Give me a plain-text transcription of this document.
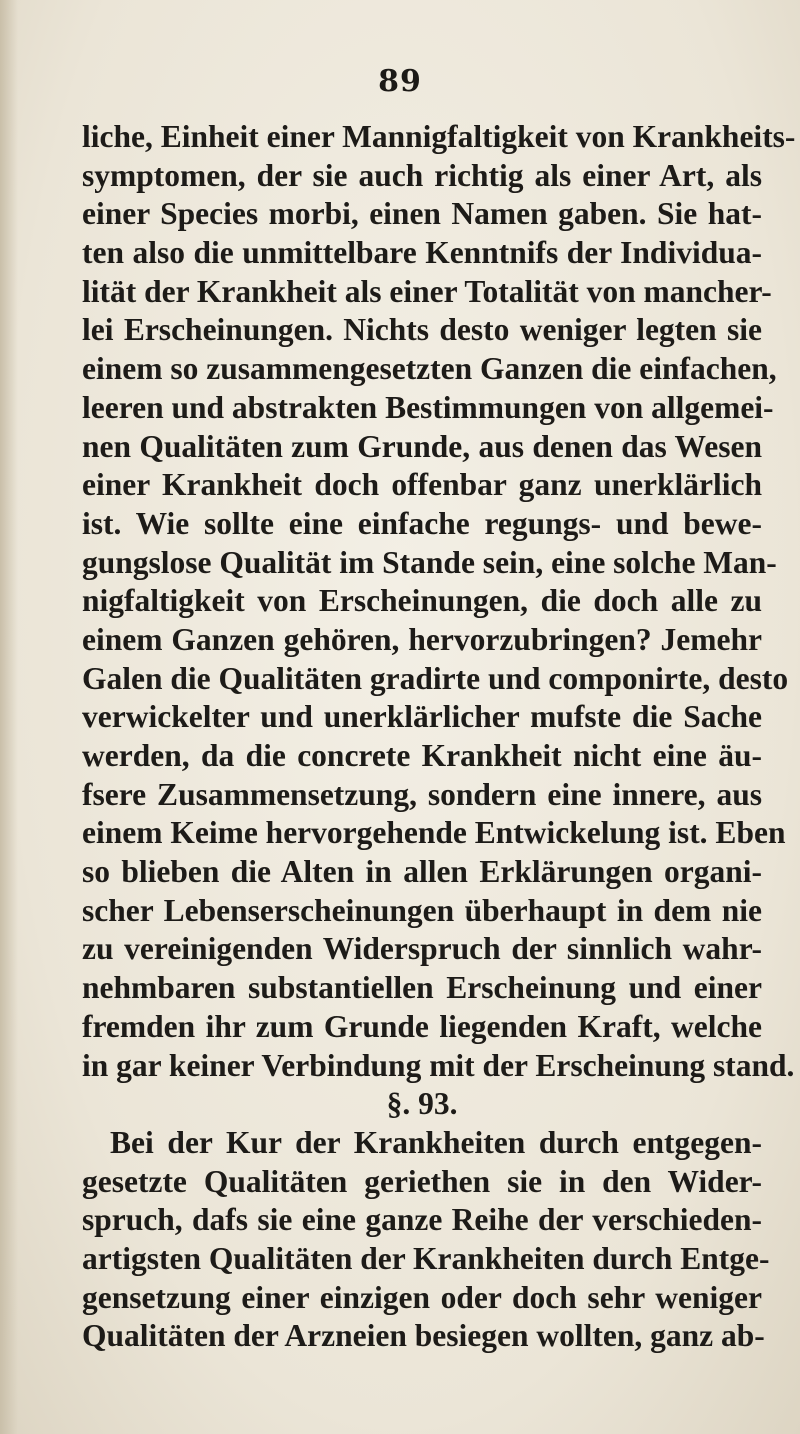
89
liche, Einheit einer Mannigfaltigkeit von Krankheits-
symptomen, der sie auch richtig als einer Art, als
einer Species morbi, einen Namen gaben. Sie hat-
ten also die unmittelbare Kenntnifs der Individua-
lität der Krankheit als einer Totalität von mancher-
lei Erscheinungen. Nichts desto weniger legten sie
einem so zusammengesetzten Ganzen die einfachen,
leeren und abstrakten Bestimmungen von allgemei-
nen Qualitäten zum Grunde, aus denen das Wesen
einer Krankheit doch offenbar ganz unerklärlich
ist. Wie sollte eine einfache regungs- und bewe-
gungslose Qualität im Stande sein, eine solche Man-
nigfaltigkeit von Erscheinungen, die doch alle zu
einem Ganzen gehören, hervorzubringen? Jemehr
Galen die Qualitäten gradirte und componirte, desto
verwickelter und unerklärlicher mufste die Sache
werden, da die concrete Krankheit nicht eine äu-
fsere Zusammensetzung, sondern eine innere, aus
einem Keime hervorgehende Entwickelung ist. Eben
so blieben die Alten in allen Erklärungen organi-
scher Lebenserscheinungen überhaupt in dem nie
zu vereinigenden Widerspruch der sinnlich wahr-
nehmbaren substantiellen Erscheinung und einer
fremden ihr zum Grunde liegenden Kraft, welche
in gar keiner Verbindung mit der Erscheinung stand.
§. 93.
Bei der Kur der Krankheiten durch entgegen-
gesetzte Qualitäten geriethen sie in den Wider-
spruch, dafs sie eine ganze Reihe der verschieden-
artigsten Qualitäten der Krankheiten durch Entge-
gensetzung einer einzigen oder doch sehr weniger
Qualitäten der Arzneien besiegen wollten, ganz ab-
